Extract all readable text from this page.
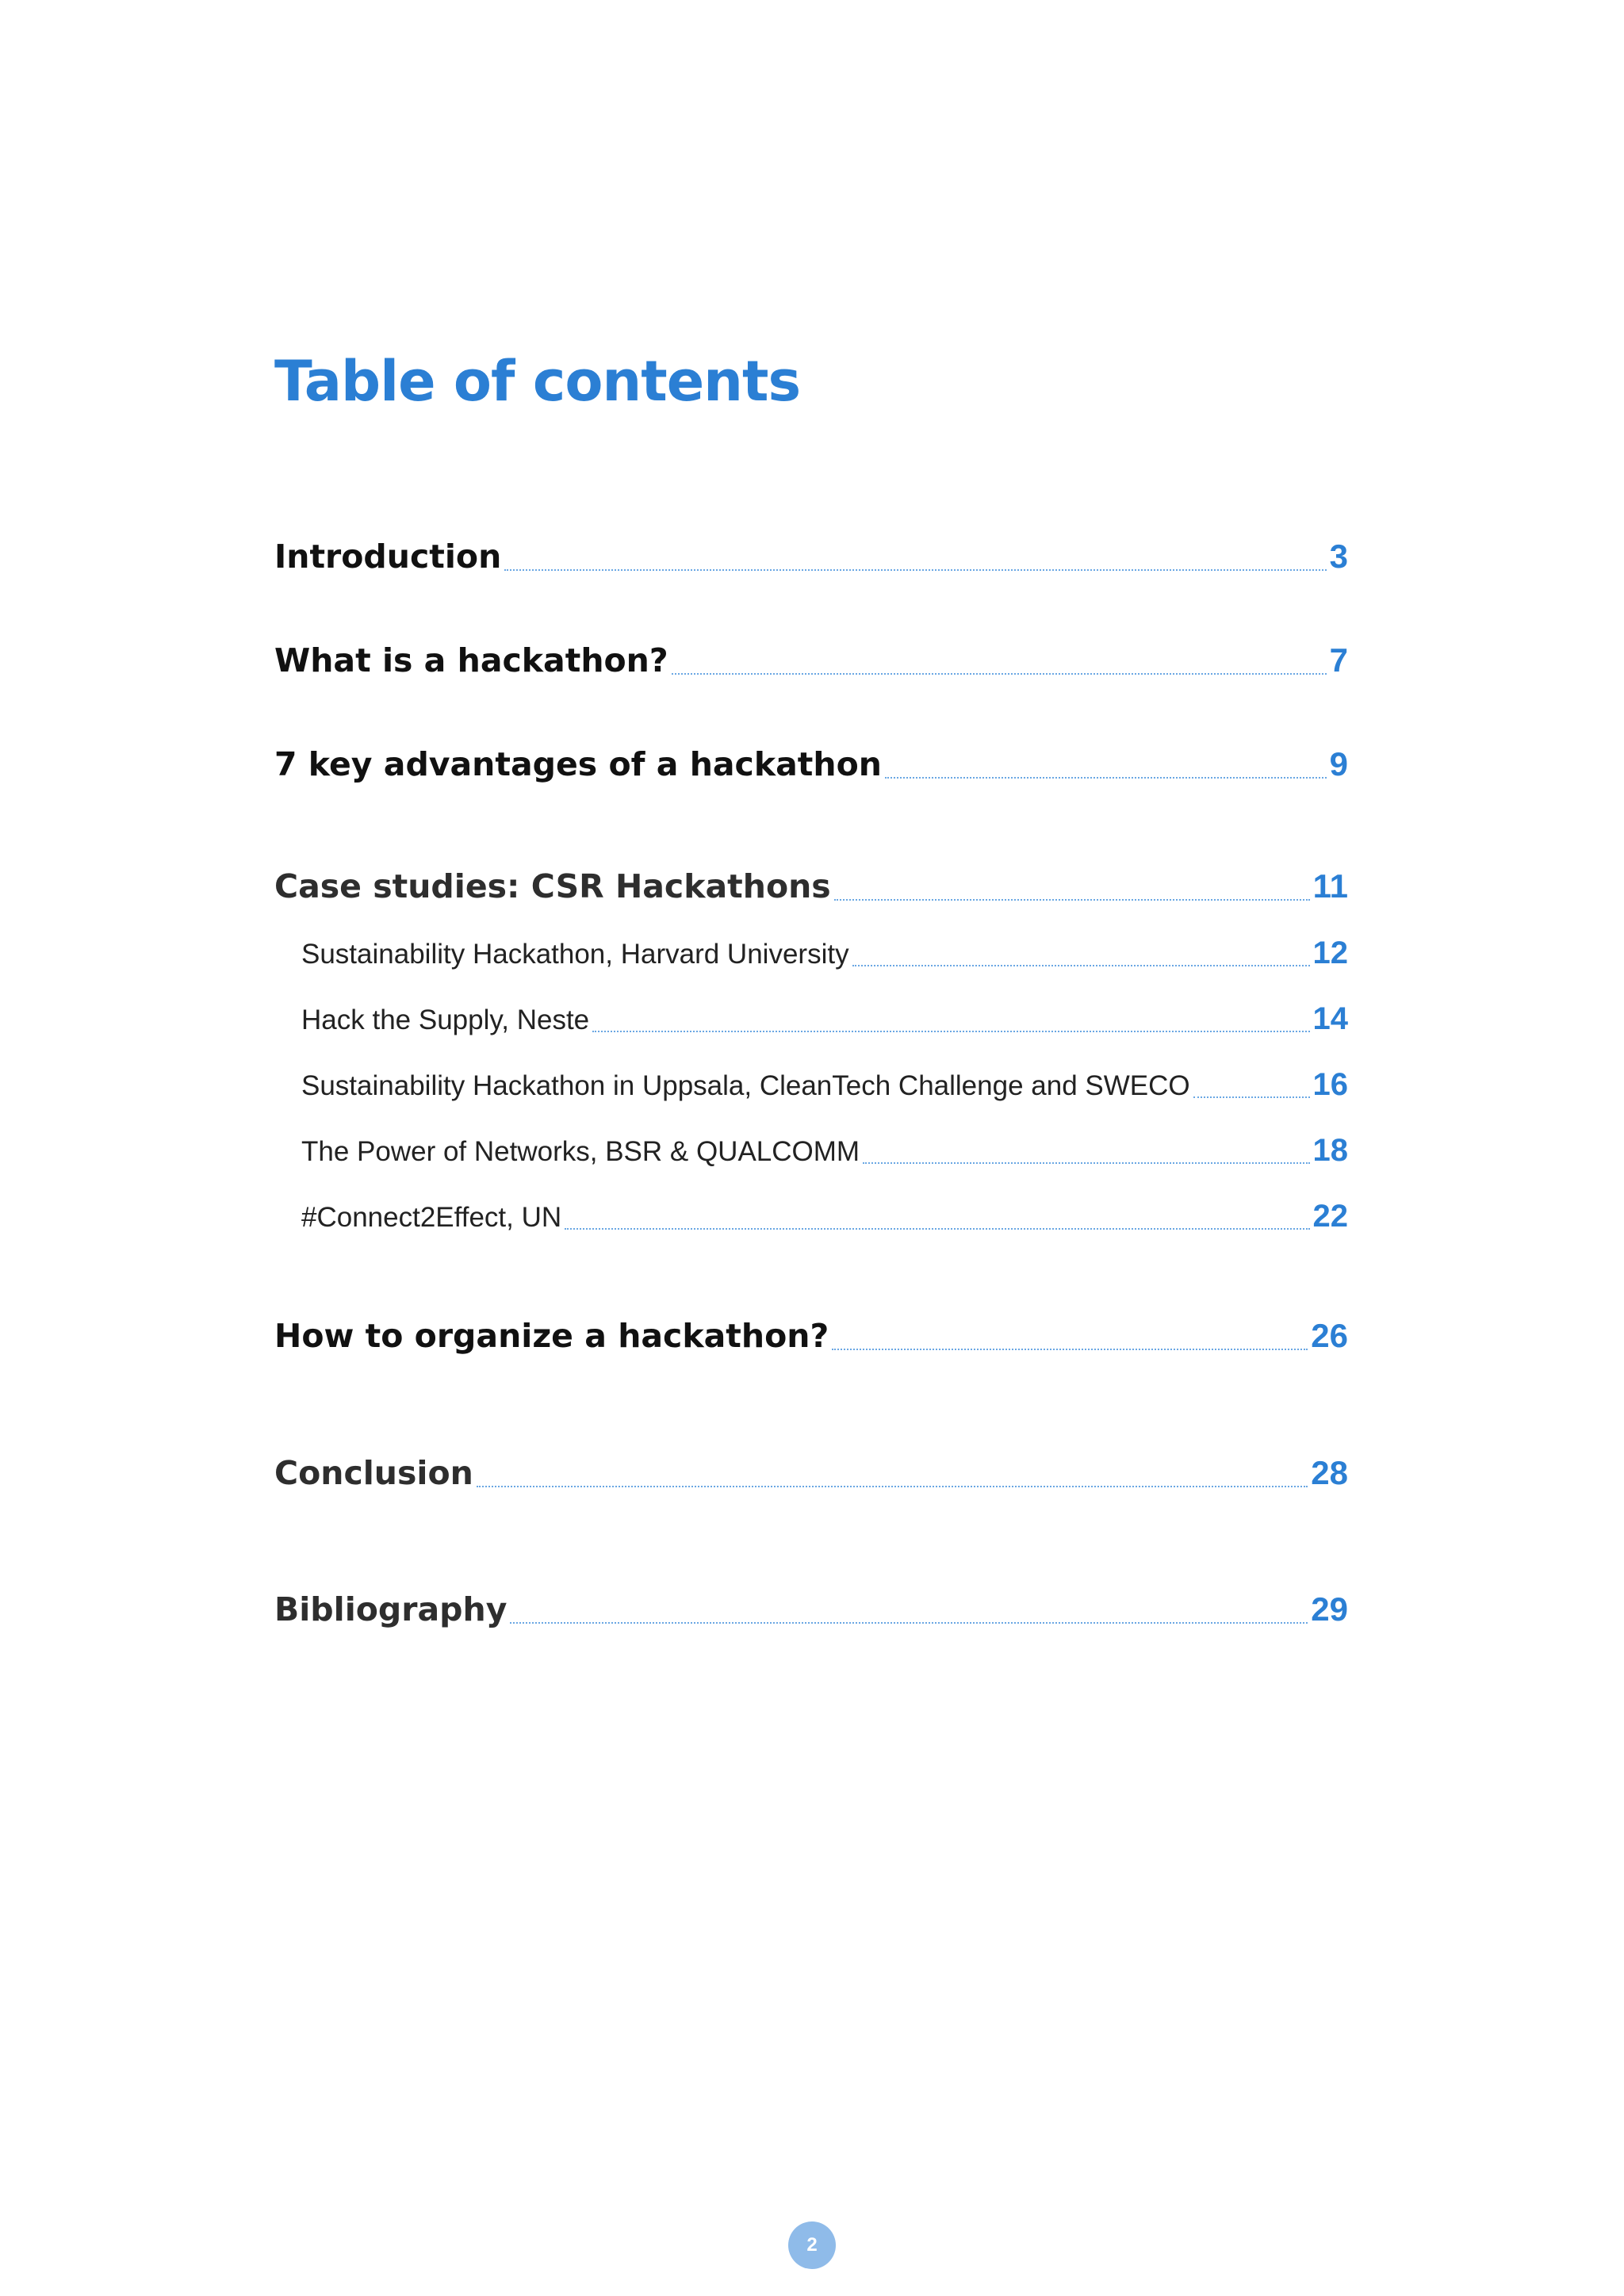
Table of contents
Introduction	3
What is a hackathon?	7
7 key advantages of a hackathon	9
Case studies: CSR Hackathons	11
Sustainability Hackathon, Harvard University	12
Hack the Supply, Neste	14
Sustainability Hackathon in Uppsala, CleanTech Challenge and SWECO	16
The Power of Networks, BSR & QUALCOMM	18
#Connect2Effect, UN	22
How to organize a hackathon?	26
Conclusion	28
Bibliography	29
2
